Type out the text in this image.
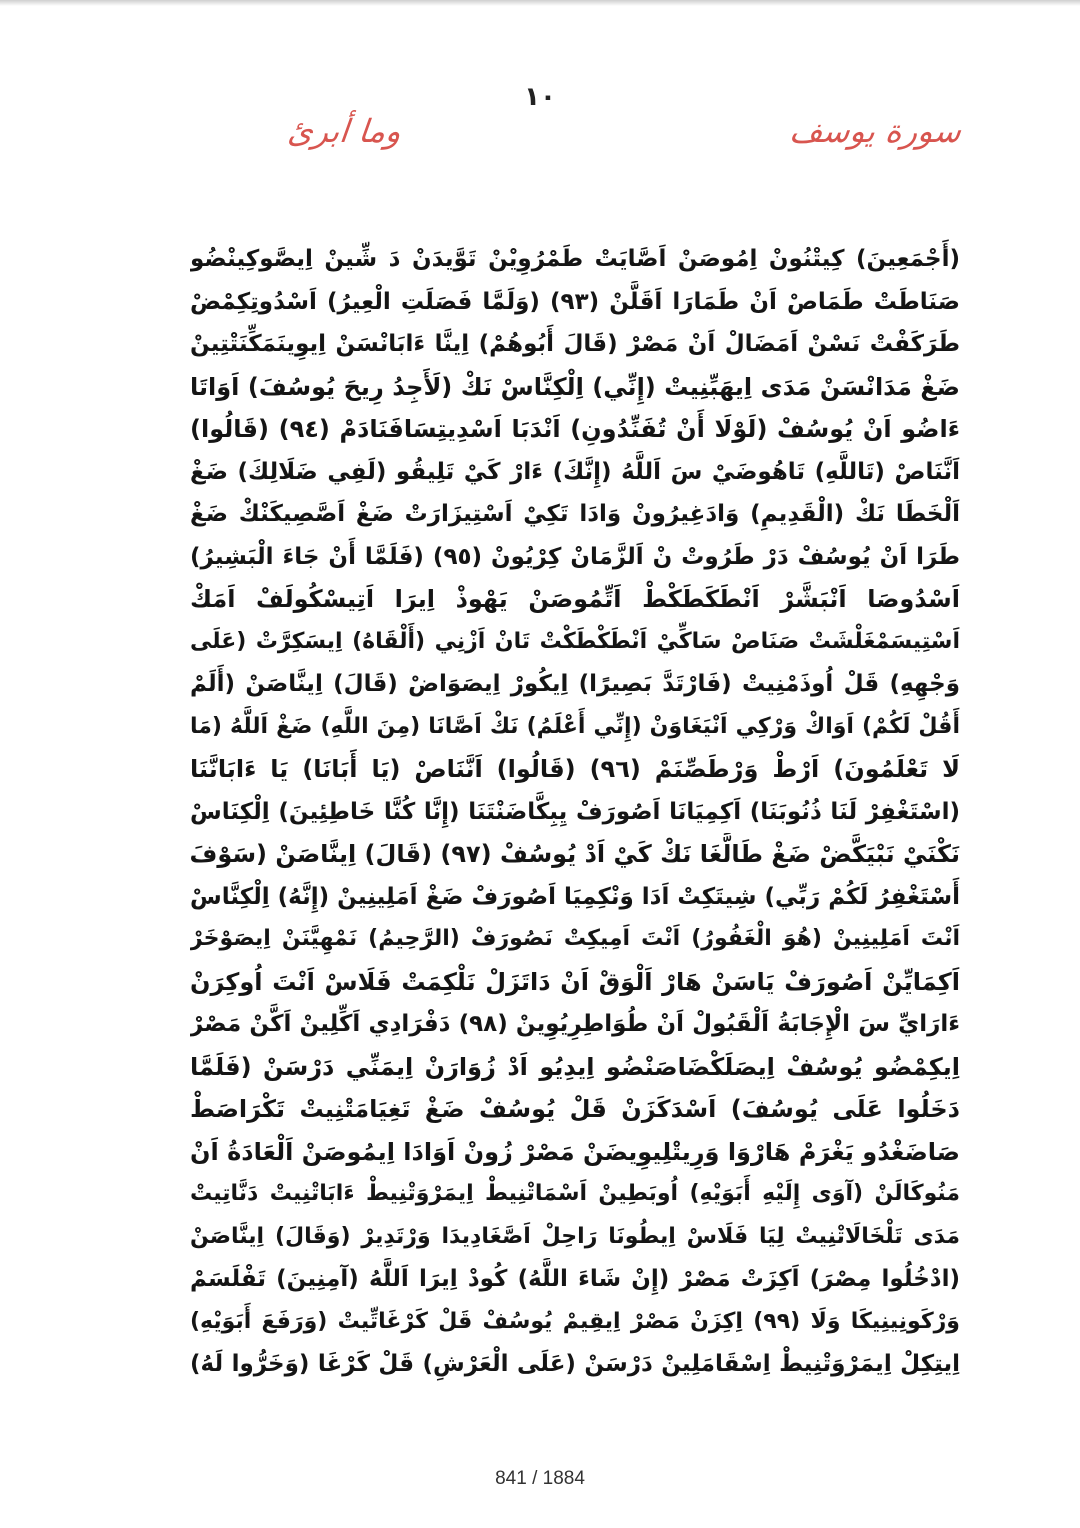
١٠
سورة يوسف
وما أبرئ
(أَجْمَعِينَ) كِيتْنُونْ اِمُوصَنْ اَصَّايَتْ طَمْرُوِيْنْ تَوَّيدَنْ دَ شِّينْ اِيصَّوكِينْضُو
صَنَاطَتْ طَمَاصْ اَنْ طَمَارَا اَقَلَّنْ (٩٣) (وَلَمَّا فَصَلَتِ الْعِيرُ) اَسْدُوتِكِمْضْ
طَرَكَفْتْ نَسْنْ اَمَضَالْ اَنْ مَصْرْ (قَالَ أَبُوهُمْ) اِينَّا ءَابَانْسَنْ اِيوِينَمَكِّنَتْتِينْ
ضَغْ مَدَانْسَنْ مَدَى اِيهَبِّنِيتْ (إِنِّي) اِلْكِنَّاسْ نَكْ (لَأَجِدُ رِيحَ يُوسُفَ) اَوَاتَا
ءَاضُو اَنْ يُوسُفْ (لَوْلَا أَنْ تُفَنِّدُونِ) اَنْدَبَا اَسْدِيتِسَافَنَادَمْ (٩٤) (قَالُوا)
اَنَّنَاصْ (تَاللَّهِ) تَاهُوضَيْ سَ اَللَّهُ (إِنَّكَ) ءَارْ كَيْ تَلِيقُو (لَفِي ضَلَالِكَ) ضَغْ
اَلْخَطَا نَكْ (الْقَدِيمِ) وَادَغِيرُونْ وَادَا تَكِيْ اَسْتِيزَارَتْ ضَغْ اَصَّصِيكَنْكْ ضَغْ
طَرَا اَنْ يُوسُفْ دَرْ طَرُوتْ نْ اَلزَّمَانْ كِرْيُونْ (٩٥) (فَلَمَّا أَنْ جَاءَ الْبَشِيرُ)
اَسْدُوصَا اَنْبَشَّرْ اَنْطَكَطَكْطْ اَتِّمُوصَنْ يَهْوذْ اِيرَا اَتِيسْكُولَفْ اَمَكْ
اَسْتِيسَمْغَلْشَتْ صَنَاصْ سَاكِّيْ اَنْطَكْطَكْتْ تَانْ اَزْنِي (أَلْقَاهُ) اِيسَكِرَّتْ (عَلَى
وَجْهِهِ) قَلْ اُوذَمْنِيتْ (فَارْتَدَّ بَصِيرًا) اِيكُورْ اِيصَوَاضْ (قَالَ) اِينَّاصَنْ (أَلَمْ
أَقُلْ لَكُمْ) اَوَاكْ وَرْكِي اَنْيَغَاوَنْ (إِنِّي أَعْلَمُ) نَكْ اَصَّانَا (مِنَ اللَّهِ) ضَغْ اَللَّهُ (مَا
لَا تَعْلَمُونَ) اَرْطْ وَرْطَصِّنَمْ (٩٦) (قَالُوا) اَنَّنَاصْ (يَا أَبَانَا) يَا ءَابَانَّنَا
(اسْتَغْفِرْ لَنَا ذُنُوبَنَا) اَكِمِيَانَا اَصُورَفْ يِبِكَّاضَنْتَنَا (إِنَّا كُنَّا خَاطِئِينَ) اِلْكِنَاسْ
نَكْنَيْ نَبْيَكَّضْ ضَغْ طَالَّغَا نَكْ كَيْ اَدْ يُوسُفْ (٩٧) (قَالَ) اِينَّاصَنْ (سَوْفَ
أَسْتَغْفِرُ لَكُمْ رَبِّي) شِيتَكِتْ اَدَا وَنْكِمِيَا اَصُورَفْ ضَغْ اَمَلِينِينْ (إِنَّهُ) اِلْكِنَّاسْ
اَنْتَ اَمَلِينِينْ (هُوَ الْغَفُورُ) اَنْتَ اَمِيكِتْ نَصُورَفْ (الرَّحِيمُ) نَمْهِيَّنَنْ اِيصَوْخَرْ
اَكِمَايِّنْ اَصُورَفْ يَاسَنْ هَارْ اَلْوَقْ اَنْ دَاتَزَلْ نَلْكِمَتْ فَلَاسْ اَنْتَ اُوكِرَنْ
ءَارَايِّ سَ الْإِجَابَةُ اَلْقَبُولْ اَنْ طُوَاطِرِيُوِينْ (٩٨) دَفْرَادِي اَكِّلِينْ اَكَّنْ مَصْرْ
اِيكِمْضُو يُوسُفْ اِيصَلَكْضَاصَنْضُو اِيدِيُو اَدْ زُوَارَنْ اِيمَنِّي دَرْسَنْ (فَلَمَّا
دَخَلُوا عَلَى يُوسُفَ) اَسْدَكَزَنْ قَلْ يُوسُفْ ضَغْ تَغِيَامَتْنِيتْ تَكْرَاصَطْ
صَاضَغْدُو يَغْرَمْ هَارْوَا وَرِيتْلِيوِيضَنْ مَصْرْ زُونْ اَوَادَا اِيمُوصَنْ اَلْعَادَةُ اَنْ
مَنُوكَالَنْ (آوَى إِلَيْهِ أَبَوَيْهِ) اُوبَطِينْ اَسْمَاتْنِيطْ اِيمَرْوَتْنِيطْ ءَابَاتْنِيتْ دَنَّاتِيتْ
مَدَى تَلْخَالَاتْنِيتْ لِيَا فَلَاسْ اِيطُونَا رَاحِلْ اَصَّغَادِيدَا وَرْتَدِيرْ (وَقَالَ) اِينَّاصَنْ
(ادْخُلُوا مِصْرَ) اَكِزَتْ مَصْرْ (إِنْ شَاءَ اللَّهُ) كُودْ اِيرَا اَللَّهُ (آمِنِينَ) تَفْلَسَمْ
وَرْكَونِينِيكَا وَلَا (٩٩) اِكِزَنْ مَصْرْ اِيقِيمْ يُوسُفْ قَلْ كَرْغَاتِّيتْ (وَرَفَعَ أَبَوَيْهِ)
اِيتِكِلْ اِيمَرْوَتْنِيطْ اِسْقَامَلِينْ دَرْسَنْ (عَلَى الْعَرْشِ) قَلْ كَرْغَا (وَخَرُّوا لَهُ)
841 / 1884
